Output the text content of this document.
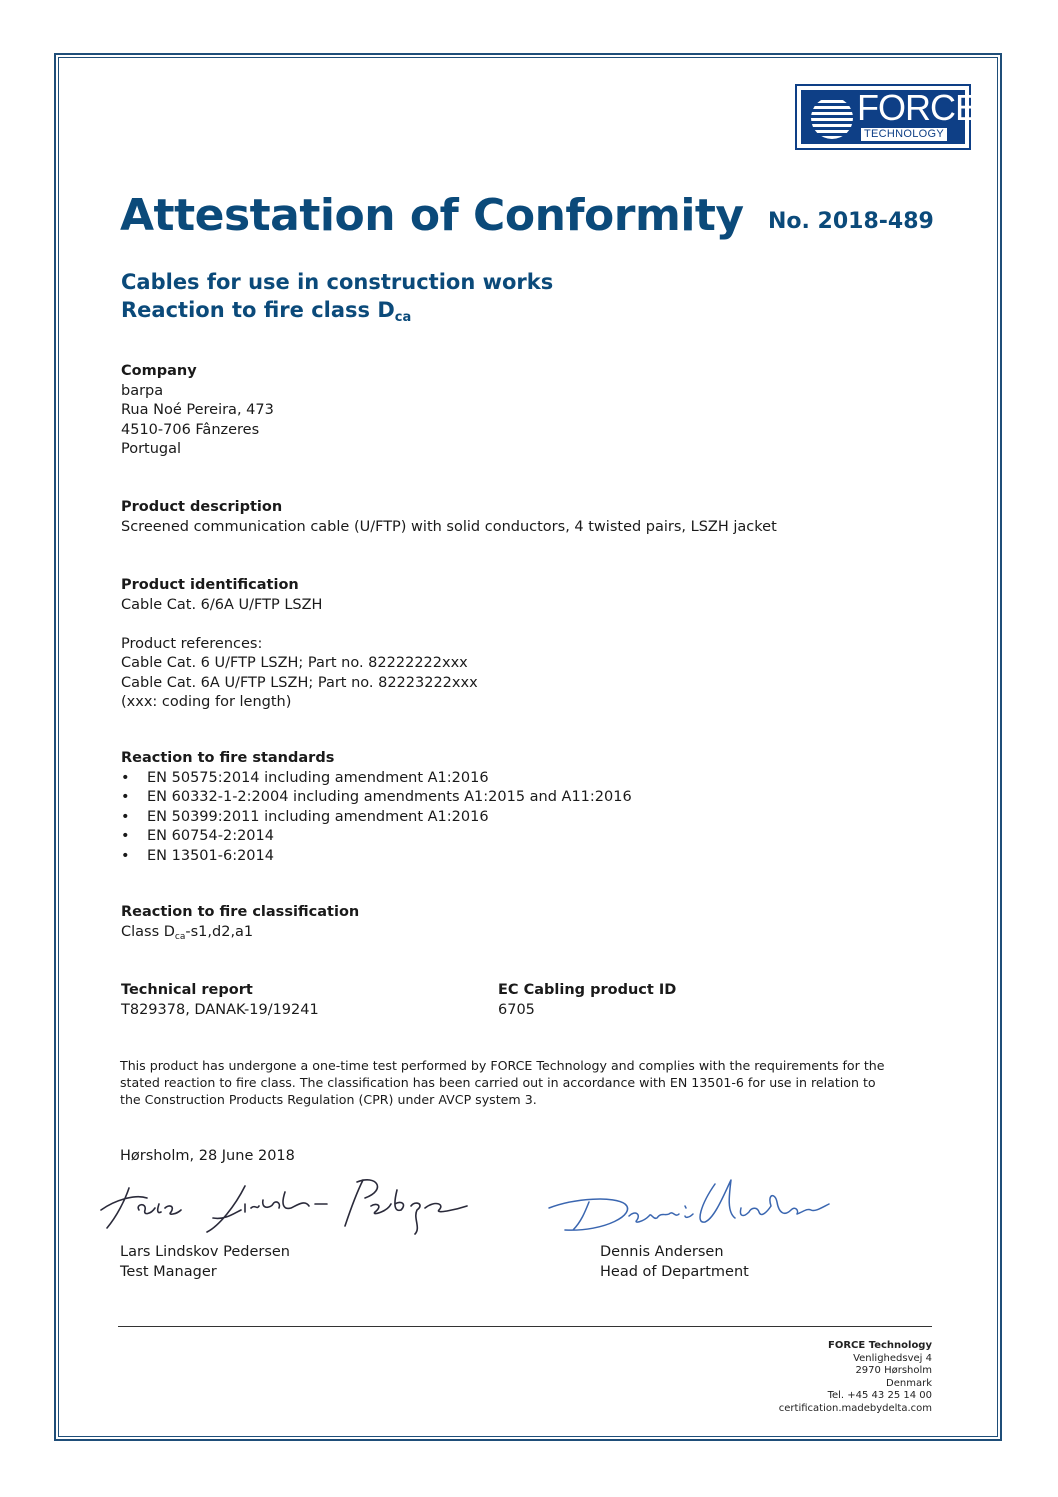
FORCE
TECHNOLOGY
Attestation of Conformity No. 2018-489
Cables for use in construction works
Reaction to fire class $D_{ca}$
Company
barpa
Rua Noé Pereira, 473
4510-706 Fânzeres
Portugal
Product description
Screened communication cable (U/FTP) with solid conductors, 4 twisted pairs, LSZH jacket
Product identification
Cable Cat. 6/6A U/FTP LSZH
Product references:
Cable Cat. 6 U/FTP LSZH; Part no. 82222222xxx
Cable Cat. 6A U/FTP LSZH; Part no. 82223222xxx
(xxx: coding for length)
Reaction to fire standards
• EN 50575:2014 including amendment A1:2016
• EN 60332-1-2:2004 including amendments A1:2015 and A11:2016
• EN 50399:2011 including amendment A1:2016
• EN 60754-2:2014
• EN 13501-6:2014
Reaction to fire classification
Class $D_{ca}-s1,d2,a1$
Technical report
T829378, DANAK-19/19241
EC Cabling product ID
6705
This product has undergone a one-time test performed by FORCE Technology and complies with the requirements for the stated reaction to fire class. The classification has been carried out in accordance with EN 13501-6 for use in relation to the Construction Products Regulation (CPR) under AVCP system 3.
Hørsholm, 28 June 2018
Lars Lindskov Pedersen
Test Manager
Dennis Andersen
Head of Department
FORCE Technology
Venlighedsvej 4
2970 Hørsholm
Denmark
Tel. +45 43 25 14 00
certification.madebydelta.com
